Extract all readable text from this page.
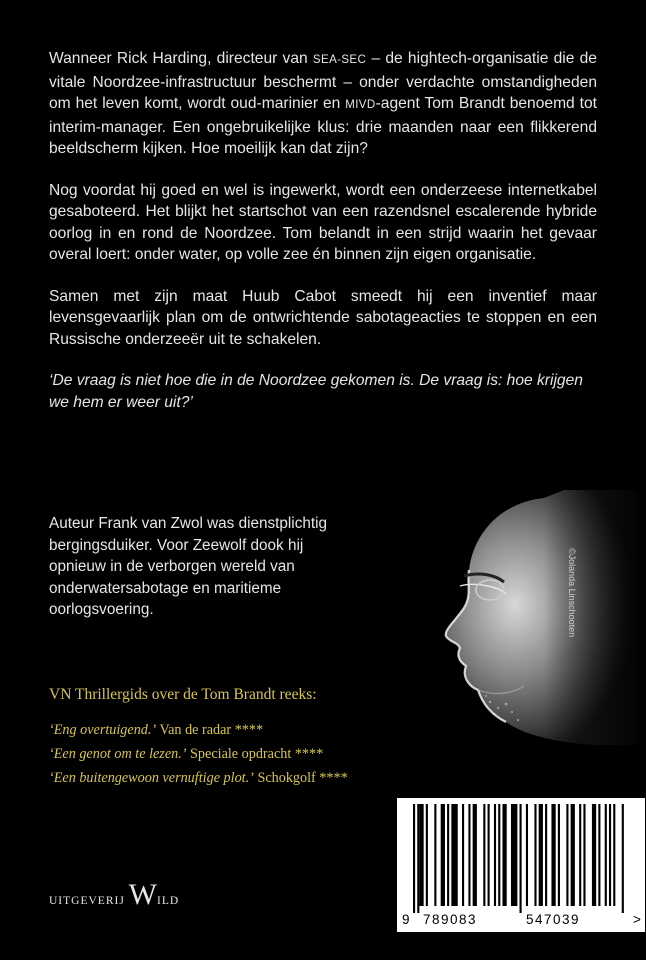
Wanneer Rick Harding, directeur van SEA-SEC – de hightech-organisatie die de vitale Noordzee-infrastructuur beschermt – onder verdachte omstandigheden om het leven komt, wordt oud-marinier en MIVD-agent Tom Brandt benoemd tot interim-manager. Een ongebruikelijke klus: drie maanden naar een flikkerend beeldscherm kijken. Hoe moeilijk kan dat zijn?

Nog voordat hij goed en wel is ingewerkt, wordt een onderzeese internetkabel gesaboteerd. Het blijkt het startschot van een razendsnel escalerende hybride oorlog in en rond de Noordzee. Tom belandt in een strijd waarin het gevaar overal loert: onder water, op volle zee én binnen zijn eigen organisatie.

Samen met zijn maat Huub Cabot smeedt hij een inventief maar levensgevaarlijk plan om de ontwrichtende sabotageacties te stoppen en een Russische onderzeeër uit te schakelen.

‘De vraag is niet hoe die in de Noordzee gekomen is. De vraag is: hoe krijgen we hem er weer uit?’

Auteur Frank van Zwol was dienstplichtig bergingsduiker. Voor Zeewolf dook hij opnieuw in de verborgen wereld van onderwatersabotage en maritieme oorlogsvoering.	©Jolanda Linschooten
VN Thrillergids over de Tom Brandt reeks:
‘Eng overtuigend.’ Van de radar ****
‘Een genot om te lezen.’ Speciale opdracht ****
‘Een buitengewoon vernuftige plot.’ Schokgolf ****
UITGEVERIJ WILD
9 789083	547039	>
